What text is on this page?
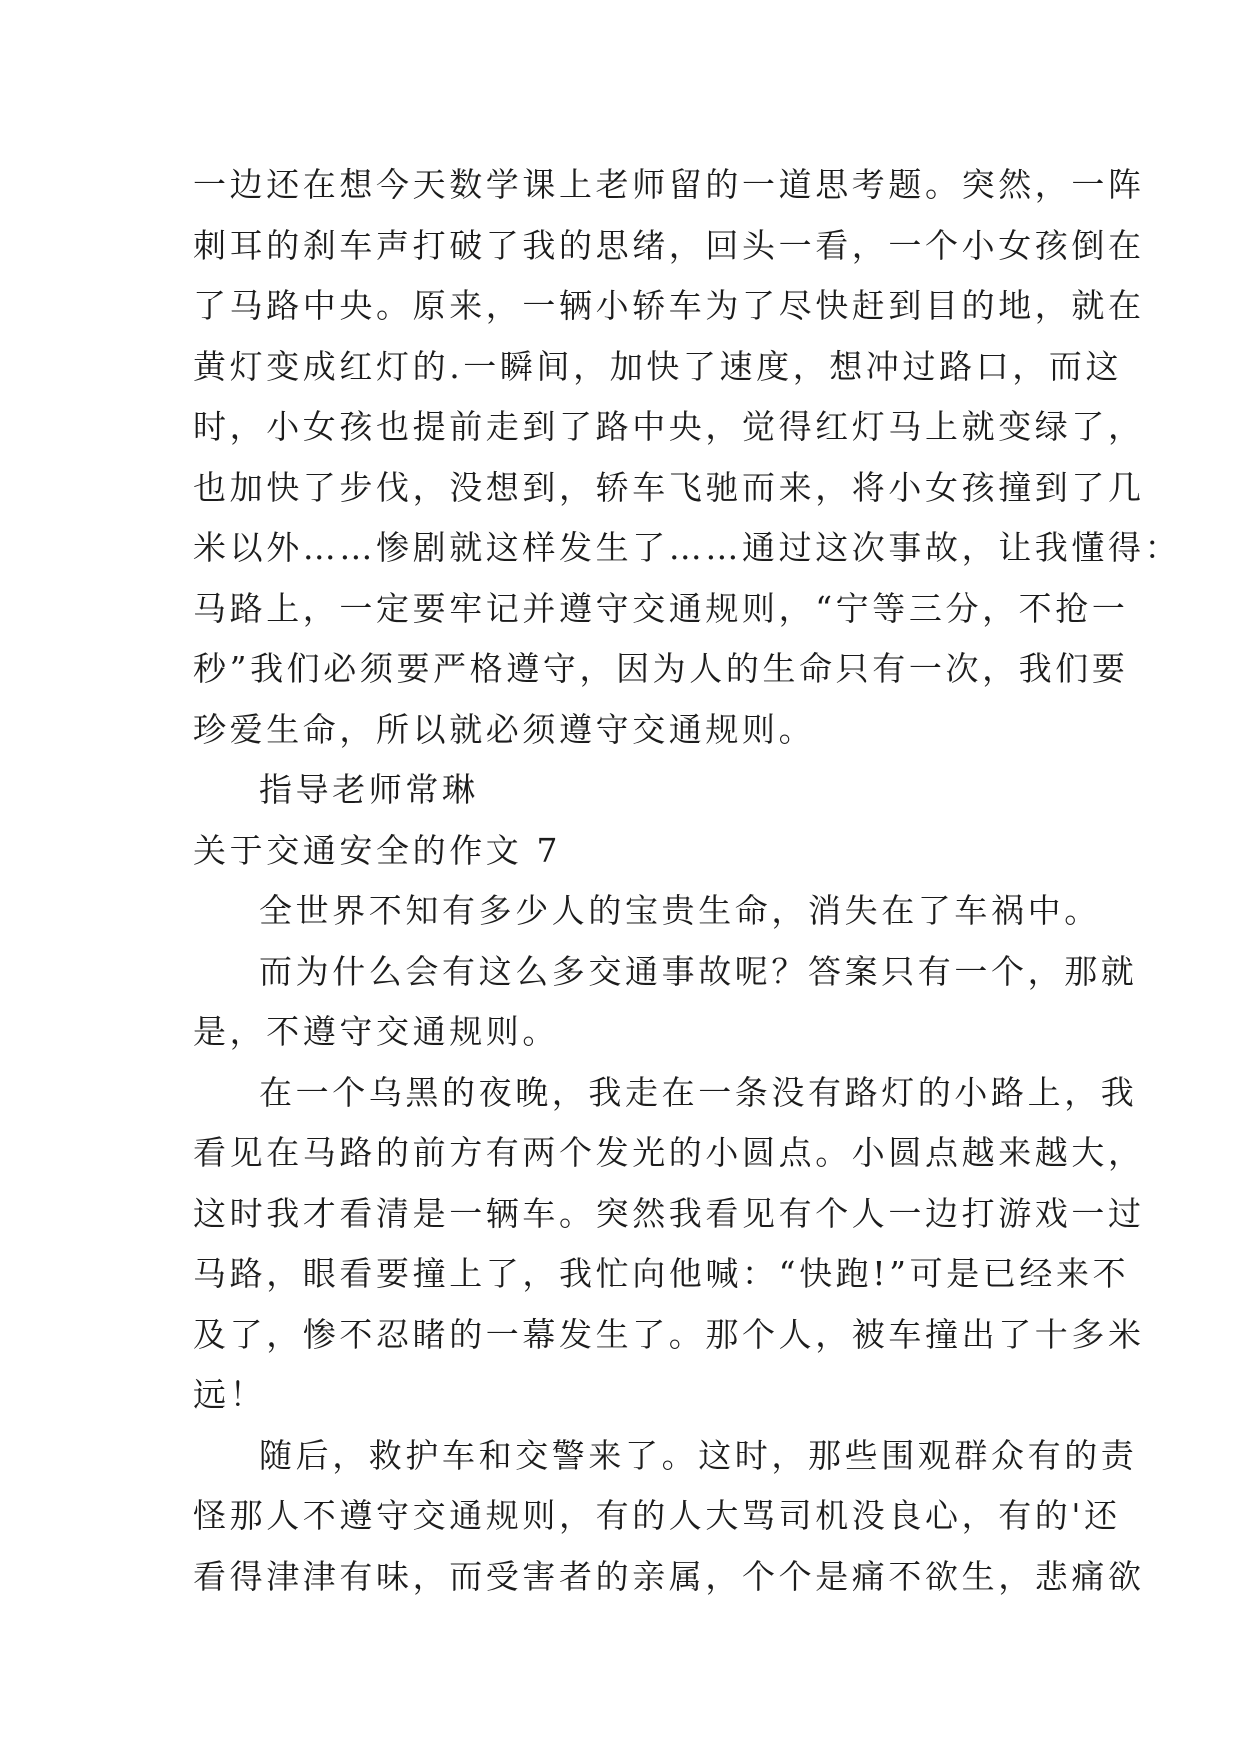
一边还在想今天数学课上老师留的一道思考题。突然，一阵
刺耳的刹车声打破了我的思绪，回头一看，一个小女孩倒在
了马路中央。原来，一辆小轿车为了尽快赶到目的地，就在
黄灯变成红灯的.一瞬间，加快了速度，想冲过路口，而这
时，小女孩也提前走到了路中央，觉得红灯马上就变绿了，
也加快了步伐，没想到，轿车飞驰而来，将小女孩撞到了几
米以外……惨剧就这样发生了……通过这次事故，让我懂得：
马路上，一定要牢记并遵守交通规则，“宁等三分，不抢一
秒”我们必须要严格遵守，因为人的生命只有一次，我们要
珍爱生命，所以就必须遵守交通规则。
指导老师常琳
关于交通安全的作文 7
全世界不知有多少人的宝贵生命，消失在了车祸中。
而为什么会有这么多交通事故呢？答案只有一个，那就
是，不遵守交通规则。
在一个乌黑的夜晚，我走在一条没有路灯的小路上，我
看见在马路的前方有两个发光的小圆点。小圆点越来越大，
这时我才看清是一辆车。突然我看见有个人一边打游戏一过
马路，眼看要撞上了，我忙向他喊：“快跑!”可是已经来不
及了，惨不忍睹的一幕发生了。那个人，被车撞出了十多米
远！
随后，救护车和交警来了。这时，那些围观群众有的责
怪那人不遵守交通规则，有的人大骂司机没良心，有的'还
看得津津有味，而受害者的亲属，个个是痛不欲生，悲痛欲
